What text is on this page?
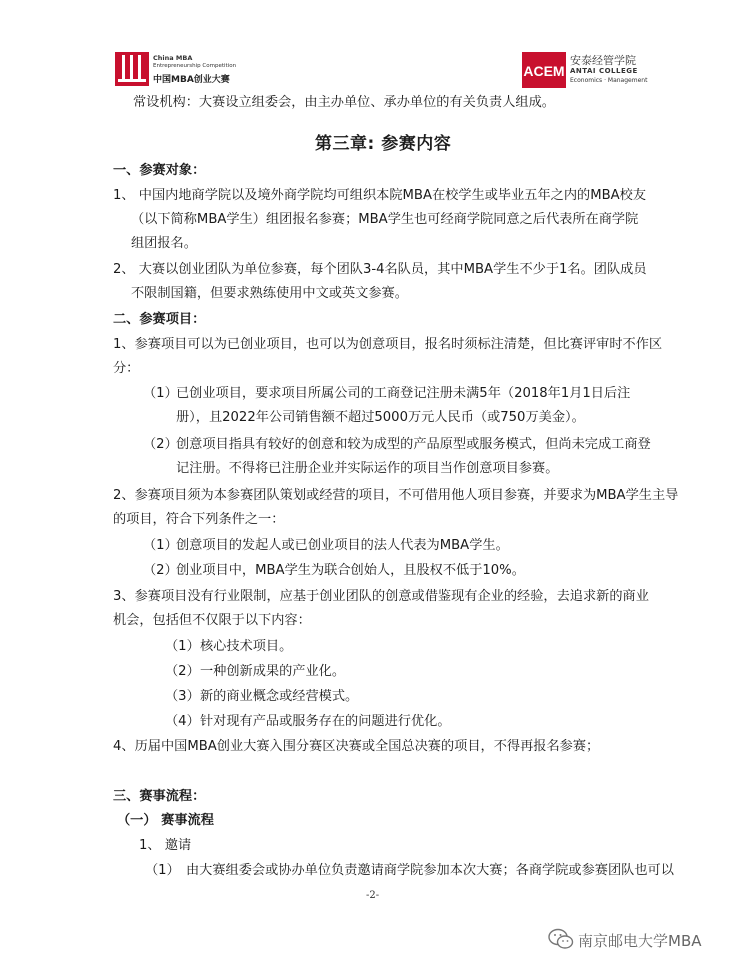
China MBA
Entrepreneurship Competition
中国MBA创业大赛
ACEM
安泰经管学院
ANTAI COLLEGE
Economics · Management
常设机构：大赛设立组委会，由主办单位、承办单位的有关负责人组成。
第三章: 参赛内容
一、参赛对象：
1、 中国内地商学院以及境外商学院均可组织本院MBA在校学生或毕业五年之内的MBA校友
（以下简称MBA学生）组团报名参赛；MBA学生也可经商学院同意之后代表所在商学院
组团报名。
2、 大赛以创业团队为单位参赛，每个团队3-4名队员，其中MBA学生不少于1名。团队成员
不限制国籍，但要求熟练使用中文或英文参赛。
二、参赛项目：
1、参赛项目可以为已创业项目，也可以为创意项目，报名时须标注清楚，但比赛评审时不作区
分：
（1）
已创业项目，要求项目所属公司的工商登记注册未满5年（2018年1月1日后注
册），且2022年公司销售额不超过5000万元人民币（或750万美金）。
（2）
创意项目指具有较好的创意和较为成型的产品原型或服务模式，但尚未完成工商登
记注册。不得将已注册企业并实际运作的项目当作创意项目参赛。
2、参赛项目须为本参赛团队策划或经营的项目，不可借用他人项目参赛，并要求为MBA学生主导
的项目，符合下列条件之一：
（1）
创意项目的发起人或已创业项目的法人代表为MBA学生。
（2）
创业项目中，MBA学生为联合创始人，且股权不低于10%。
3、参赛项目没有行业限制，应基于创业团队的创意或借鉴现有企业的经验，去追求新的商业
机会，包括但不仅限于以下内容：
（1） 核心技术项目。
（2） 一种创新成果的产业化。
（3） 新的商业概念或经营模式。
（4） 针对现有产品或服务存在的问题进行优化。
4、历届中国MBA创业大赛入围分赛区决赛或全国总决赛的项目，不得再报名参赛；
三、赛事流程：
（一） 赛事流程
1、 邀请
（1） 由大赛组委会或协办单位负责邀请商学院参加本次大赛；各商学院或参赛团队也可以
-2-
南京邮电大学MBA
